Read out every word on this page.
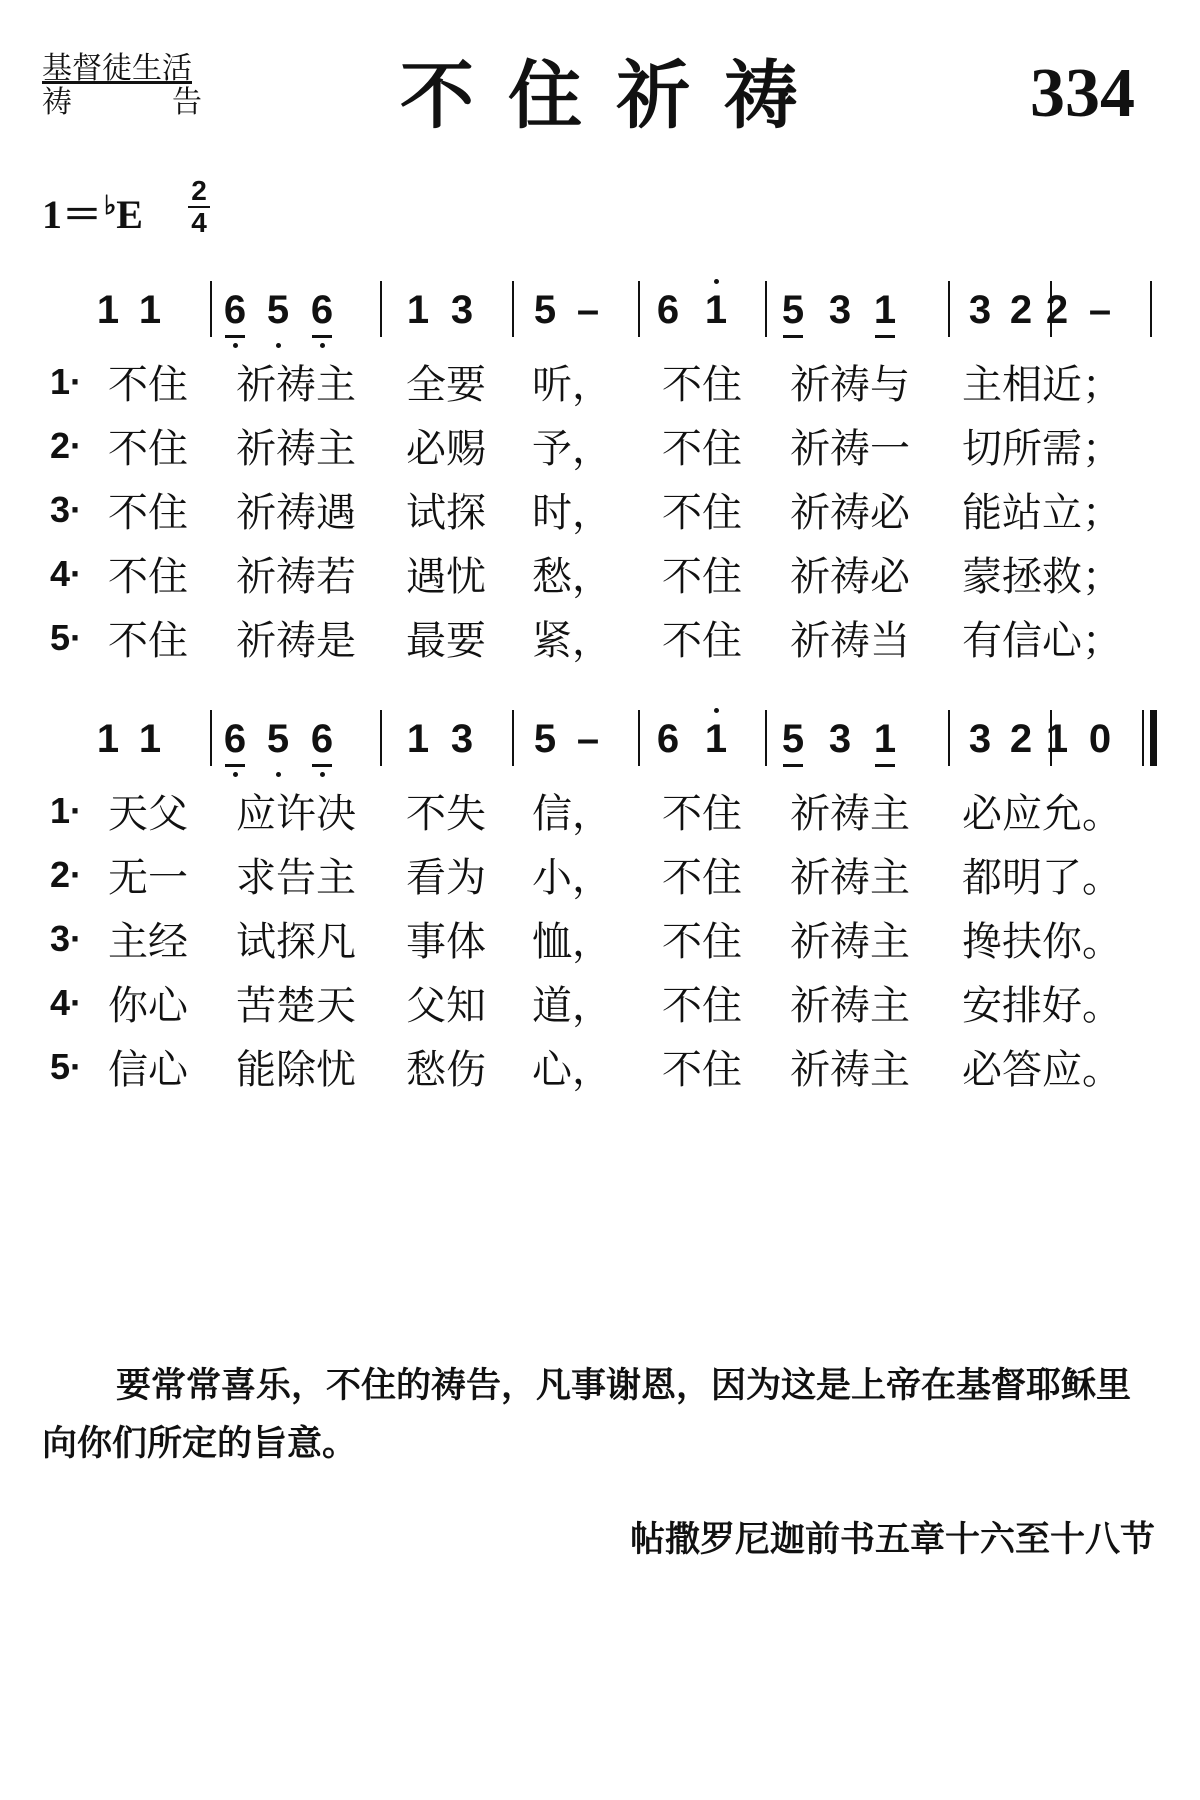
基督徒生活
祷　告	不住祈祷	334
1＝♭E
2
4
1 1 6 5 6 1 3 5 – 6 1 5 3 1 3 2 2 –
1· 不住 祈祷主 全要 听， 不住 祈祷与 主相近；
2· 不住 祈祷主 必赐 予， 不住 祈祷一 切所需；
3· 不住 祈祷遇 试探 时， 不住 祈祷必 能站立；
4· 不住 祈祷若 遇忧 愁， 不住 祈祷必 蒙拯救；
5· 不住 祈祷是 最要 紧， 不住 祈祷当 有信心；
1 1 6 5 6 1 3 5 – 6 1 5 3 1 3 2 1 0
1· 天父 应许决 不失 信， 不住 祈祷主 必应允。
2· 无一 求告主 看为 小， 不住 祈祷主 都明了。
3· 主经 试探凡 事体 恤， 不住 祈祷主 搀扶你。
4· 你心 苦楚天 父知 道， 不住 祈祷主 安排好。
5· 信心 能除忧 愁伤 心， 不住 祈祷主 必答应。
要常常喜乐，不住的祷告，凡事谢恩，因为这是上帝在基督耶稣里向你们所定的旨意。
帖撒罗尼迦前书五章十六至十八节
